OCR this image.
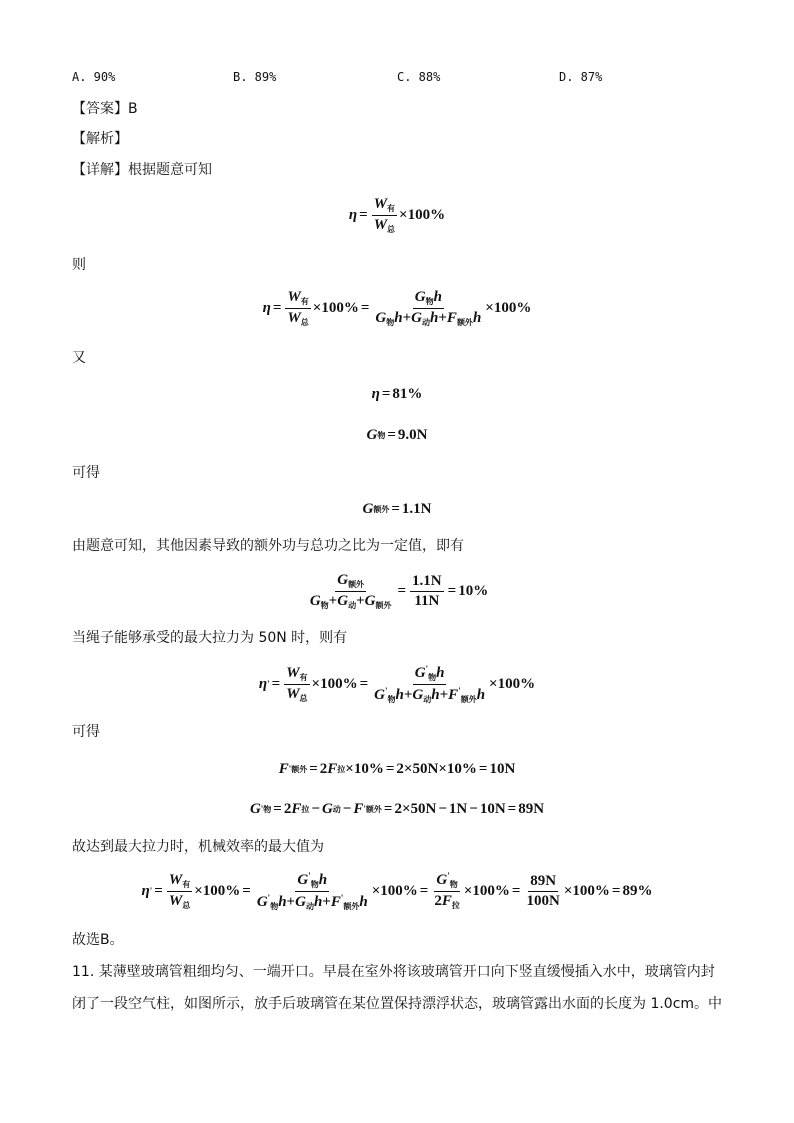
A. 90%	B. 89%	C. 88%	D. 87%
【答案】B
【解析】
【详解】根据题意可知
$\eta = \frac{W_有}{W_总} \times 100\%$
则
$\eta = \frac{W_有}{W_总} \times 100\% = \frac{G_物h}{G_物h+G_动h+F_{额外}h} \times 100\%$
又
η = 81%
G 物 = 9.0N
可得
G 额外 = 1.1N
由题意可知，其他因素导致的额外功与总功之比为一定值，即有
$\frac{G_{额外}}{G_物+G_动+G_{额外}} = \frac{1.1N}{11N} = 10\%$
当绳子能够承受的最大拉力为 50N 时，则有
η ' = $\frac{W_有}{W_总} \times 100\% = \frac{G'_物h}{G'_物h+G_动h+F'_{额外}h} \times 100\%$
可得
F ' 额外 = 2 F 拉 ×10% = 2× 50N ×10% = 10N
G ' 物 = 2 F 拉 − G 动 − F ' 额外 = 2× 50N − 1N − 10N = 89N
故达到最大拉力时，机械效率的最大值为
η ' = $\frac{W_有}{W_总} \times 100\% = \frac{G'_物h}{G'_物h+G_动h+F'_{额外}h} \times 100\% = \frac{G'_物}{2F_拉} \times 100\% = \frac{89N}{100N} \times 100\% = 89\%$
故选B。
11. 某薄壁玻璃管粗细均匀、一端开口。早晨在室外将该玻璃管开口向下竖直缓慢插入水中，玻璃管内封
闭了一段空气柱，如图所示，放手后玻璃管在某位置保持漂浮状态，玻璃管露出水面的长度为 1.0cm。中
